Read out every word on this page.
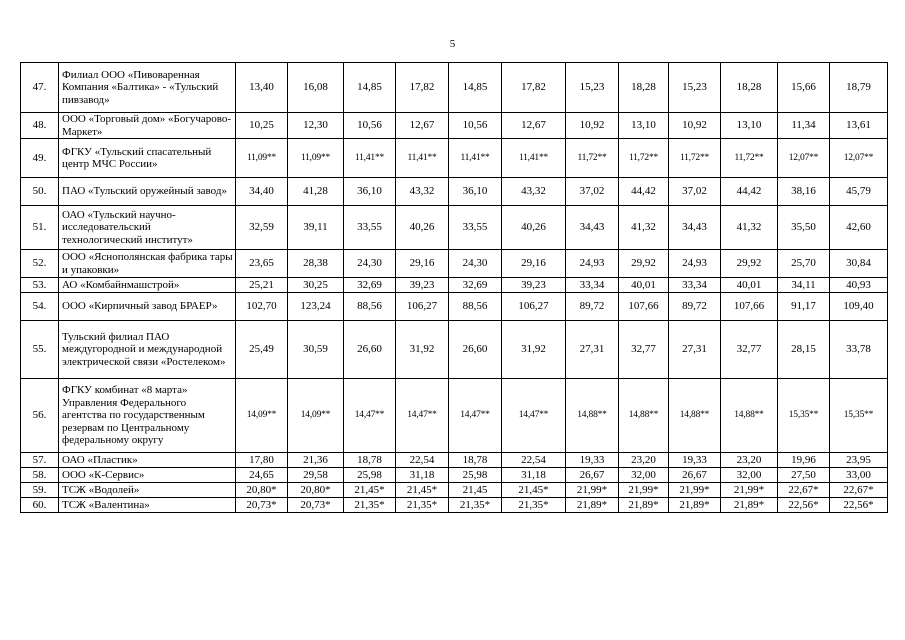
5
47.	Филиал ООО «Пивоваренная Компания «Балтика» - «Тульский пивзавод»	13,40	16,08	14,85	17,82	14,85	17,82	15,23	18,28	15,23	18,28	15,66	18,79
48.	ООО «Торговый дом» «Богучарово-Маркет»	10,25	12,30	10,56	12,67	10,56	12,67	10,92	13,10	10,92	13,10	11,34	13,61
49.	ФГКУ «Тульский спасательный центр МЧС России»	11,09**	11,09**	11,41**	11,41**	11,41**	11,41**	11,72**	11,72**	11,72**	11,72**	12,07**	12,07**
50.	ПАО «Тульский оружейный завод»	34,40	41,28	36,10	43,32	36,10	43,32	37,02	44,42	37,02	44,42	38,16	45,79
51.	ОАО «Тульский научно-исследовательский технологический институт»	32,59	39,11	33,55	40,26	33,55	40,26	34,43	41,32	34,43	41,32	35,50	42,60
52.	ООО «Яснополянская фабрика тары и упаковки»	23,65	28,38	24,30	29,16	24,30	29,16	24,93	29,92	24,93	29,92	25,70	30,84
53.	АО «Комбайнмашстрой»	25,21	30,25	32,69	39,23	32,69	39,23	33,34	40,01	33,34	40,01	34,11	40,93
54.	ООО «Кирпичный завод БРАЕР»	102,70	123,24	88,56	106,27	88,56	106,27	89,72	107,66	89,72	107,66	91,17	109,40
55.	Тульский филиал ПАО междугородной и международной электрической связи «Ростелеком»	25,49	30,59	26,60	31,92	26,60	31,92	27,31	32,77	27,31	32,77	28,15	33,78
56.	ФГКУ комбинат «8 марта» Управления Федерального агентства по государственным резервам по Центральному федеральному округу	14,09**	14,09**	14,47**	14,47**	14,47**	14,47**	14,88**	14,88**	14,88**	14,88**	15,35**	15,35**
57.	ОАО «Пластик»	17,80	21,36	18,78	22,54	18,78	22,54	19,33	23,20	19,33	23,20	19,96	23,95
58.	ООО «К-Сервис»	24,65	29,58	25,98	31,18	25,98	31,18	26,67	32,00	26,67	32,00	27,50	33,00
59.	ТСЖ «Водолей»	20,80*	20,80*	21,45*	21,45*	21,45	21,45*	21,99*	21,99*	21,99*	21,99*	22,67*	22,67*
60.	ТСЖ «Валентина»	20,73*	20,73*	21,35*	21,35*	21,35*	21,35*	21,89*	21,89*	21,89*	21,89*	22,56*	22,56*
